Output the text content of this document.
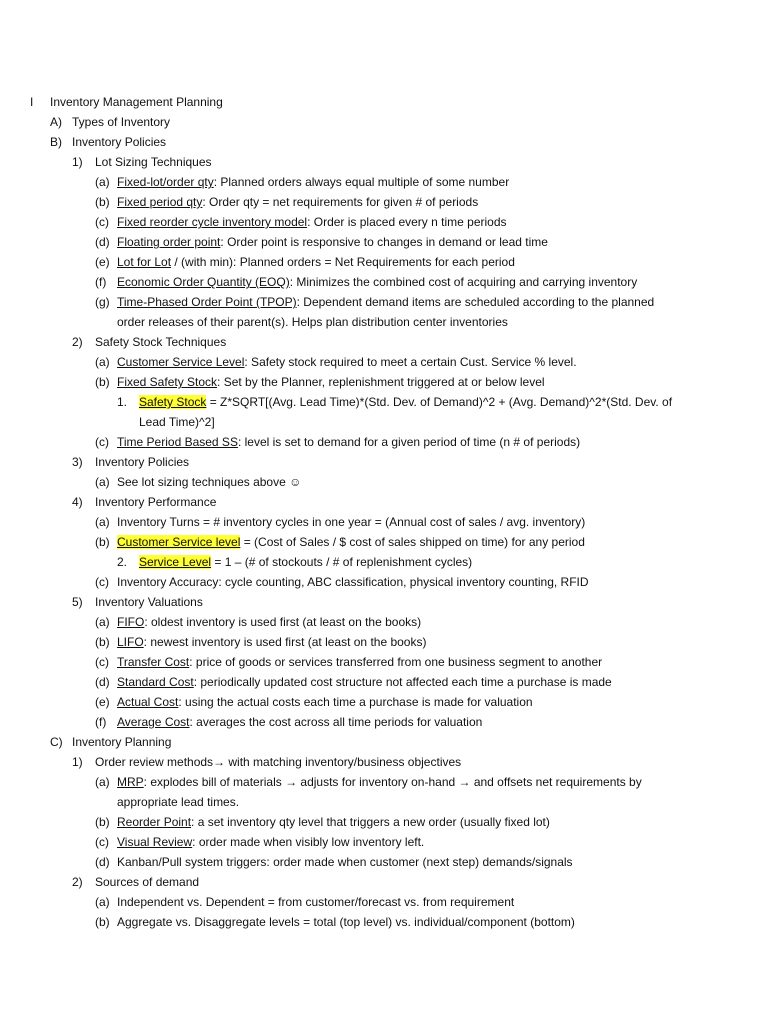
I Inventory Management Planning
A) Types of Inventory
B) Inventory Policies
1) Lot Sizing Techniques
(a) Fixed-lot/order qty: Planned orders always equal multiple of some number
(b) Fixed period qty: Order qty = net requirements for given # of periods
(c) Fixed reorder cycle inventory model: Order is placed every n time periods
(d) Floating order point: Order point is responsive to changes in demand or lead time
(e) Lot for Lot / (with min): Planned orders = Net Requirements for each period
(f) Economic Order Quantity (EOQ): Minimizes the combined cost of acquiring and carrying inventory
(g) Time-Phased Order Point (TPOP): Dependent demand items are scheduled according to the planned
order releases of their parent(s). Helps plan distribution center inventories
2) Safety Stock Techniques
(a) Customer Service Level: Safety stock required to meet a certain Cust. Service % level.
(b) Fixed Safety Stock: Set by the Planner, replenishment triggered at or below level
1. Safety Stock = Z*SQRT[(Avg. Lead Time)*(Std. Dev. of Demand)^2 + (Avg. Demand)^2*(Std. Dev. of
Lead Time)^2]
(c) Time Period Based SS: level is set to demand for a given period of time (n # of periods)
3) Inventory Policies
(a) See lot sizing techniques above ☺
4) Inventory Performance
(a) Inventory Turns = # inventory cycles in one year = (Annual cost of sales / avg. inventory)
(b) Customer Service level = (Cost of Sales / $ cost of sales shipped on time) for any period
2. Service Level = 1 – (# of stockouts / # of replenishment cycles)
(c) Inventory Accuracy: cycle counting, ABC classification, physical inventory counting, RFID
5) Inventory Valuations
(a) FIFO: oldest inventory is used first (at least on the books)
(b) LIFO: newest inventory is used first (at least on the books)
(c) Transfer Cost: price of goods or services transferred from one business segment to another
(d) Standard Cost: periodically updated cost structure not affected each time a purchase is made
(e) Actual Cost: using the actual costs each time a purchase is made for valuation
(f) Average Cost: averages the cost across all time periods for valuation
C) Inventory Planning
1) Order review methods→ with matching inventory/business objectives
(a) MRP: explodes bill of materials → adjusts for inventory on-hand → and offsets net requirements by
appropriate lead times.
(b) Reorder Point: a set inventory qty level that triggers a new order (usually fixed lot)
(c) Visual Review: order made when visibly low inventory left.
(d) Kanban/Pull system triggers: order made when customer (next step) demands/signals
2) Sources of demand
(a) Independent vs. Dependent = from customer/forecast vs. from requirement
(b) Aggregate vs. Disaggregate levels = total (top level) vs. individual/component (bottom)
